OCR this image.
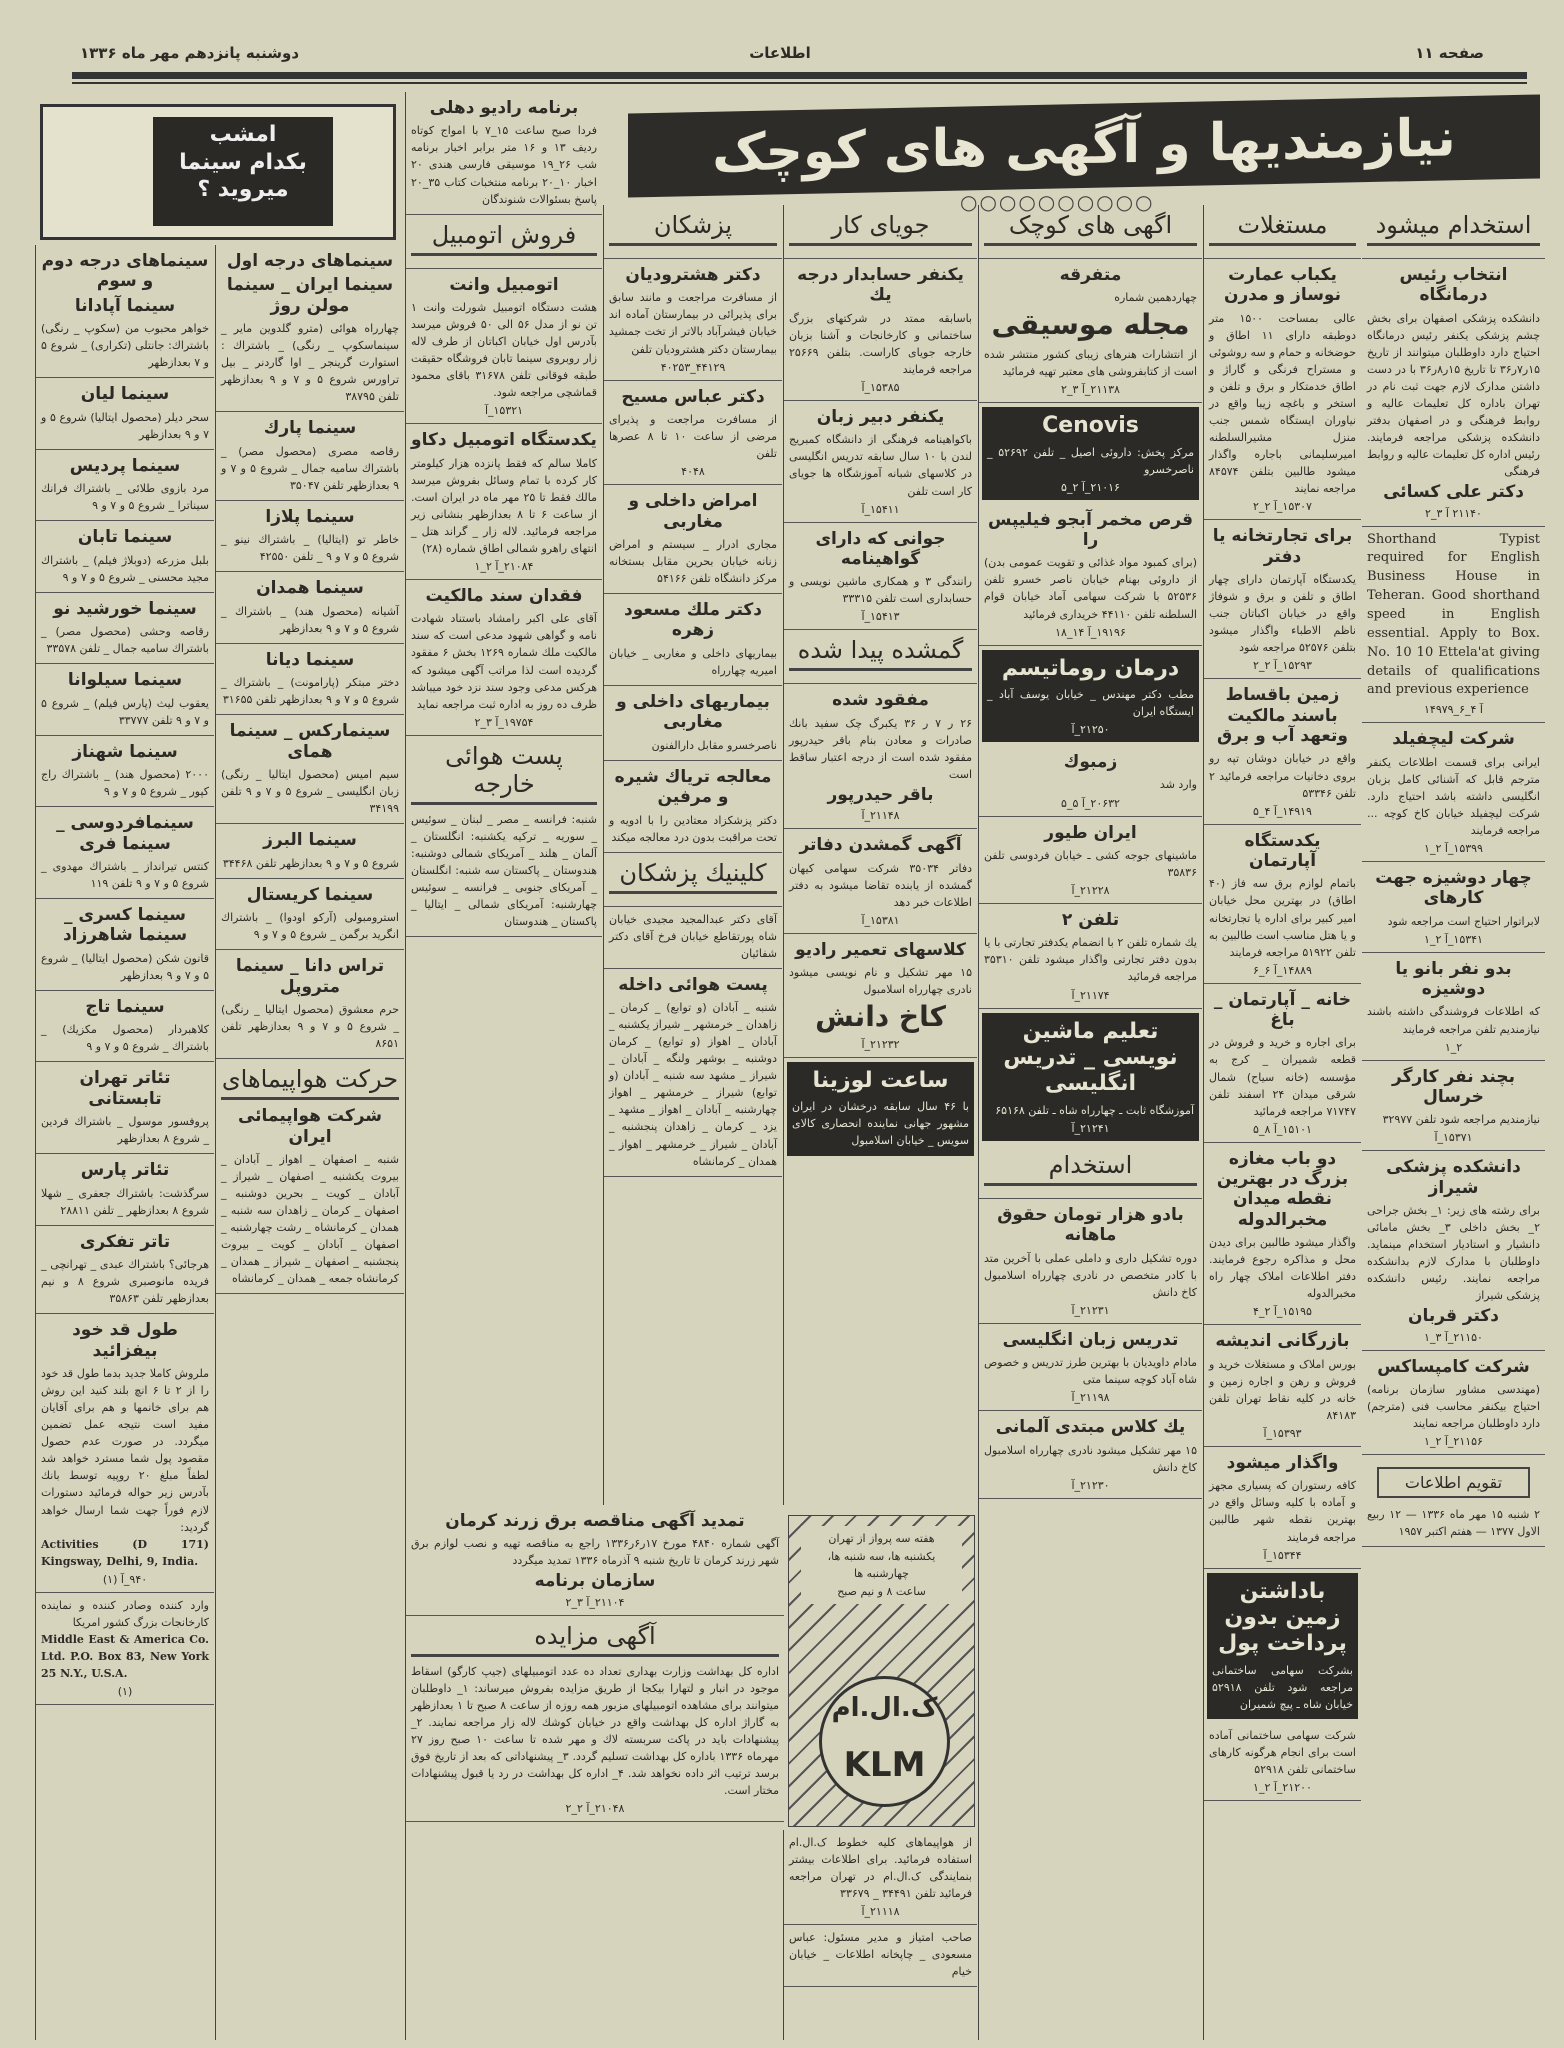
صفحه ۱۱
اطلاعات
دوشنبه پانزدهم مهر ماه ۱۳۳۶
نیازمندیها و آگهی های کوچک
○○○○○○○○○○
امشب
بکدام سینما
میروید ؟
استخدام میشود
انتخاب رئیس درمانگاه

دانشکده پزشکی اصفهان برای بخش چشم پزشکی یکنفر رئیس درمانگاه احتیاج دارد داوطلبان میتوانند از تاریخ ۱۵ر۷ر۳۶ تا تاریخ ۱۵ر۸ر۳۶ با در دست داشتن مدارک لازم جهت ثبت نام در تهران باداره کل تعلیمات عالیه و روابط فرهنگی و در اصفهان بدفتر دانشکده پزشکی مراجعه فرمایند. رئیس اداره کل تعلیمات عالیه و روابط فرهنگی

دکتر علی کسائی
۲۱۱۴۰ آ ۳_۲

Shorthand Typist required for English Business House in Teheran. Good shorthand speed in English essential. Apply to Box. No. 10 10 Ettela'at giving details of qualifications and previous experience

۱۴۹۷۹_آ ۴_۶
شرکت لیچفیلد

ایرانی برای قسمت اطلاعات یکنفر مترجم قابل که آشنائی کامل بزبان انگلیسی داشته باشد احتیاج دارد. شرکت لیچفیلد خیابان کاخ کوچه ... مراجعه فرمایند

۱۵۳۹۹_آ ۲_۱
چهار دوشیزه جهت کارهای

لابراتوار احتیاج است مراجعه شود

۱۵۳۴۱_آ ۲_۱
بدو نفر بانو یا دوشیزه

که اطلاعات فروشندگی داشته باشند نیازمندیم تلفن مراجعه فرمایند

۲_۱
بچند نفر کارگر خرسال

نیازمندیم مراجعه شود تلفن ۳۲۹۷۷

۱۵۳۷۱_آ
دانشکده پزشکی شیراز

برای رشته های زیر: ۱_ بخش جراحی ۲_ بخش داخلی ۳_ بخش مامائی دانشیار و استادیار استخدام مینماید. داوطلبان با مدارک لازم بدانشکده مراجعه نمایند. رئیس دانشکده پزشکی شیراز

دکتر قربان
۲۱۱۵۰_آ ۳_۱
شرکت کامپساکس

(مهندسی مشاور سازمان برنامه) احتیاج بیکنفر محاسب فنی (مترجم) دارد داوطلبان مراجعه نمایند

۲۱۱۵۶_آ ۲_۱
تقویم اطلاعات

۲ شنبه ۱۵ مهر ماه ۱۳۳۶ — ۱۲ ربیع الاول ۱۳۷۷ — هفتم اکتبر ۱۹۵۷

مستغلات
یکباب عمارت نوساز و مدرن

عالی بمساحت ۱۵۰۰ متر دوطبقه دارای ۱۱ اطاق و حوضخانه و حمام و سه روشوئی و مستراح فرنگی و گاراژ و اطاق خدمتکار و برق و تلفن و استخر و باغچه زیبا واقع در نیاوران ایستگاه شمس جنب منزل مشیرالسلطنه امیرسلیمانی باجاره واگذار میشود طالبین بتلفن ۸۴۵۷۴ مراجعه نمایند

۱۵۳۰۷_آ ۲_۲
برای تجارتخانه یا دفتر

یکدستگاه آپارتمان دارای چهار اطاق و تلفن و برق و شوفاژ واقع در خیابان اکباتان جنب ناظم الاطباء واگذار میشود بتلفن ۵۲۵۷۶ مراجعه شود

۱۵۲۹۳_آ ۲_۲
زمین باقساط باسند مالکیت وتعهد آب و برق

واقع در خیابان دوشان تپه رو بروی دخانیات مراجعه فرمائید ۲ تلفن ۵۳۳۴۶

۱۴۹۱۹_آ ۴_۵
یکدستگاه آپارتمان

باتمام لوازم برق سه فاز (۴۰ اطاق) در بهترین محل خیابان امیر کبیر برای اداره یا تجارتخانه و یا هتل مناسب است طالبین به تلفن ۵۱۹۲۲ مراجعه فرمایند

۱۴۸۸۹_آ ۶_۶
خانه _ آپارتمان _ باغ

برای اجاره و خرید و فروش در قطعه شمیران _ کرج به مؤسسه (خانه سیاح) شمال شرقی میدان ۲۴ اسفند تلفن ۷۱۷۴۷ مراجعه فرمائید

۱۵۱۰۱_آ ۸_۵
دو باب مغازه بزرگ در بهترین نقطه میدان مخبرالدوله

واگذار میشود طالبین برای دیدن محل و مذاکره رجوع فرمایند. دفتر اطلاعات املاک چهار راه مخبرالدوله

۱۵۱۹۵_آ ۲_۴
بازرگانی اندیشه

بورس املاک و مستغلات خرید و فروش و رهن و اجاره زمین و خانه در کلیه نقاط تهران تلفن ۸۴۱۸۳

۱۵۳۹۳_آ
واگذار میشود

کافه رستوران که پسیاری مجهز و آماده با کلیه وسائل واقع در بهترین نقطه شهر طالبین مراجعه فرمایند

۱۵۳۴۴_آ
باداشتن زمین بدون پرداخت پول

بشرکت سهامی ساختمانی مراجعه شود تلفن ۵۲۹۱۸ خیابان شاه ـ پیچ شمیران

شرکت سهامی ساختمانی آماده است برای انجام هرگونه کارهای ساختمانی تلفن ۵۲۹۱۸

۲۱۲۰۰_آ ۲_۱
اگهی های کوچک
متفرقه

چهاردهمین شماره

مجله موسیقی

از انتشارات هنرهای زیبای کشور منتشر شده است از کتابفروشی های معتبر تهیه فرمائید

۲۱۱۳۸_آ ۳_۲
Cenovis

مرکز پخش: داروئی اصیل _ تلفن ۵۲۶۹۲ _ ناصرخسرو

۲۱۰۱۶_آ ۲_۵
قرص مخمر آبجو فیلیپس را

(برای کمبود مواد غذائی و تقویت عمومی بدن) از داروئی بهنام خیابان ناصر خسرو تلفن ۵۲۵۳۶ با شرکت سهامی آماد خیابان قوام السلطنه تلفن ۴۴۱۱۰ خریداری فرمائید

۱۹۱۹۶_آ ۱۴_۱۸
درمان روماتیسم

مطب دکتر مهندس _ خیابان یوسف آباد _ ایستگاه ایران

۲۱۲۵۰_آ
زمبوك

وارد شد

۲۰۶۳۲_آ ۵_۵
ایران طیور

ماشینهای جوجه کشی ـ خیابان فردوسی تلفن ۳۵۸۳۶

۲۱۲۲۸_آ
تلفن ۲

یك شماره تلفن ۲ با انضمام یکدفتر تجارتی با یا بدون دفتر تجارتی واگذار میشود تلفن ۳۵۳۱۰ مراجعه فرمائید

۲۱۱۷۴_آ
تعلیم ماشین نویسی _ تدریس انگلیسی

آموزشگاه ثابت ـ چهارراه شاه ـ تلفن ۶۵۱۶۸

۲۱۲۴۱_آ
استخدام
بادو هزار تومان حقوق ماهانه

دوره تشکیل داری و داملی عملی با آخرین متد با کادر متخصص در نادری چهارراه اسلامبول کاخ دانش

۲۱۲۳۱_آ
تدریس زبان انگلیسی

مادام داویدیان با بهترین طرز تدریس و خصوص شاه آباد کوچه سینما متی

۲۱۱۹۸_آ
یك کلاس مبتدی آلمانی

۱۵ مهر تشکیل میشود نادری چهارراه اسلامبول کاخ دانش

۲۱۲۳۰_آ
جویای کار
یکنفر حسابدار درجه یك

باسابقه ممتد در شرکتهای بزرگ ساختمانی و کارخانجات و آشنا بزبان خارجه جویای کاراست. بتلفن ۲۵۶۶۹ مراجعه فرمایند

۱۵۳۸۵_آ
یکنفر دبیر زبان

باکواهینامه فرهنگی از دانشگاه کمبریج لندن با ۱۰ سال سابقه تدریس انگلیسی در کلاسهای شبانه آموزشگاه ها جویای کار است تلفن

۱۵۴۱۱_آ
جوانی که دارای گواهینامه

رانندگی ۳ و همکاری ماشین نویسی و حسابداری است تلفن ۳۳۳۱۵

۱۵۴۱۳_آ
گمشده پیدا شده
مفقود شده

۲۶ ر ۷ ر ۳۶ یکبرگ چک سفید بانك صادرات و معادن بنام باقر حیدرپور مفقود شده است از درجه اعتبار ساقط است

باقر حیدرپور
۲۱۱۴۸_آ
آگهی گمشدن دفاتر

دفاتر ۳۵۰۳۴ شرکت سهامی کیهان گمشده از یابنده تقاضا میشود به دفتر اطلاعات خبر دهد

۱۵۳۸۱_آ
کلاسهای تعمیر رادیو

۱۵ مهر تشکیل و نام نویسی میشود نادری چهارراه اسلامبول

کاخ دانش
۲۱۲۳۲_آ
ساعت لوزینا

با ۴۶ سال سابقه درخشان در ایران مشهور جهانی نماینده انحصاری کالای سویس _ خیابان اسلامبول

پزشکان
دکتر هشترودیان

از مسافرت مراجعت و مانند سابق برای پذیرائی در بیمارستان آماده اند خیابان فیشرآباد بالاتر از تخت جمشید بیمارستان دکتر هشترودیان تلفن

۴۴۱۲۹_۴۰۲۵۳
دکتر عباس مسیح

از مسافرت مراجعت و پذیرای مرضی از ساعت ۱۰ تا ۸ عصرها تلفن

۴۰۴۸
امراض داخلی و مغاربی

مجاری ادرار _ سیستم و امراض زنانه خیابان بحرین مقابل بستخانه مرکز دانشگاه تلفن ۵۴۱۶۶

دکتر ملك مسعود زهره

بیماریهای داخلی و مغاربی _ خیابان امیریه چهارراه

بیماریهای داخلی و مغاربی

ناصرخسرو مقابل دارالفنون

معالجه تریاك شیره و مرفین

دکتر پزشکزاد معتادین را با ادویه و تحت مراقبت بدون درد معالجه میکند

کلینیك پزشکان

آقای دکتر عبدالمجید مجیدی خیابان شاه پورتقاطع خیابان فرخ آقای دکتر شفائیان

پست هوائی داخله

شنبه _ آبادان (و توابع) _ کرمان _ زاهدان _ خرمشهر _ شیراز یکشنبه _ آبادان _ اهواز (و توابع) _ کرمان دوشنبه _ بوشهر ولنگه _ آبادان _ شیراز _ مشهد سه شنبه _ آبادان (و توابع) شیراز _ خرمشهر _ اهواز چهارشنبه _ آبادان _ اهواز _ مشهد _ یزد _ کرمان _ زاهدان پنجشنبه _ آبادان _ شیراز _ خرمشهر _ اهواز _ همدان _ کرمانشاه

برنامه رادیو دهلی

فردا صبح ساعت ۱۵_۷ با امواج کوتاه ردیف ۱۳ و ۱۶ متر برابر اخبار برنامه شب ۲۶_۱۹ موسیقی فارسی هندی ۲۰ اخبار ۱۰_۲۰ برنامه منتخبات کتاب ۳۵_۲۰ پاسخ بسئوالات شنوندگان

فروش اتومبیل
اتومبیل وانت

هشت دستگاه اتومبیل شورلت وانت ۱ تن نو از مدل ۵۶ الی ۵۰ فروش میرسد بآدرس اول خیابان اکباتان از طرف لاله زار روبروی سینما تابان فروشگاه حقیقت طبقه فوقانی تلفن ۳۱۶۷۸ باقای محمود قماشچی مراجعه شود.

۱۵۳۲۱_آ
یکدستگاه اتومبیل دکاو

کاملا سالم که فقط پانزده هزار کیلومتر کار کرده با تمام وسائل بفروش میرسد مالك فقط تا ۲۵ مهر ماه در ایران است. از ساعت ۶ تا ۸ بعدازظهر بنشانی زیر مراجعه فرمائید. لاله زار _ گراند هتل _ انتهای راهرو شمالی اطاق شماره (۲۸)

۲۱۰۸۴_آ ۲_۱
فقدان سند مالکیت

آقای علی اکبر رامشاد باستناد شهادت نامه و گواهی شهود مدعی است که سند مالکیت ملك شماره ۱۲۶۹ بخش ۶ مفقود گردیده است لذا مراتب آگهی میشود که هرکس مدعی وجود سند نزد خود میباشد ظرف ده روز به اداره ثبت مراجعه نماید

۱۹۷۵۴_آ ۳_۲
پست هوائی خارجه

شنبه: فرانسه _ مصر _ لبنان _ سوئیس _ سوریه _ ترکیه یکشنبه: انگلستان _ آلمان _ هلند _ آمریکای شمالی دوشنبه: هندوستان _ پاکستان سه شنبه: انگلستان _ آمریکای جنوبی _ فرانسه _ سوئیس چهارشنبه: آمریکای شمالی _ ایتالیا _ پاکستان _ هندوستان

سینماهای درجه اول
سینما ایران _ سینما مولن روژ

چهارراه هوائی (مترو گلدوین مایر _ سینماسکوپ _ رنگی) _ باشتراك : استوارت گرینجر _ اوا گاردنر _ بیل تراورس شروع ۵ و ۷ و ۹ بعدازظهر تلفن ۳۸۷۹۵

سینما پارك

رقاصه مصری (محصول مصر) _ باشتراك سامیه جمال _ شروع ۵ و ۷ و ۹ بعدازظهر تلفن ۳۵۰۴۷

سینما پلازا

خاطر تو (ایتالیا) _ باشتراك نینو _ شروع ۵ و ۷ و ۹ _ تلفن ۴۲۵۵۰

سینما همدان

آشیانه (محصول هند) _ باشتراك _ شروع ۵ و ۷ و ۹ بعدازظهر

سینما دیانا

دختر مبتکر (پارامونت) _ باشتراك _ شروع ۵ و ۷ و ۹ بعدازظهر تلفن ۳۱۶۵۵

سینمارکس _ سینما همای

سیم امیس (محصول ایتالیا _ رنگی) زبان انگلیسی _ شروع ۵ و ۷ و ۹ تلفن ۳۴۱۹۹

سینما البرز

شروع ۵ و ۷ و ۹ بعدازظهر تلفن ۳۴۴۶۸

سینما کریستال

استرومبولی (آرکو اودوا) _ باشتراك انگرید برگمن _ شروع ۵ و ۷ و ۹

تراس دانا _ سینما متروپل

حرم معشوق (محصول ایتالیا _ رنگی) _ شروع ۵ و ۷ و ۹ بعدازظهر تلفن ۸۶۵۱

حرکت هواپیماهای
شرکت هواپیمائی ایران

شنبه _ اصفهان _ اهواز _ آبادان _ بیروت یکشنبه _ اصفهان _ شیراز _ آبادان _ کویت _ بحرین دوشنبه _ اصفهان _ کرمان _ زاهدان سه شنبه _ همدان _ کرمانشاه _ رشت چهارشنبه _ اصفهان _ آبادان _ کویت _ بیروت پنجشنبه _ اصفهان _ شیراز _ همدان _ کرمانشاه جمعه _ همدان _ کرمانشاه

سینماهای درجه دوم و سوم
سینما آپادانا

خواهر محبوب من (سکوپ _ رنگی) باشتراك: جانتلی (تکراری) _ شروع ۵ و ۷ بعدازظهر

سینما لیان

سحر دیلر (محصول ایتالیا) شروع ۵ و ۷ و ۹ بعدازظهر

سینما پردیس

مرد بازوی طلائی _ باشتراك فرانك سیناترا _ شروع ۵ و ۷ و ۹

سینما تابان

بلبل مزرعه (دوبلاژ فیلم) _ باشتراك مجید محسنی _ شروع ۵ و ۷ و ۹

سینما خورشید نو

رقاصه وحشی (محصول مصر) _ باشتراك سامیه جمال _ تلفن ۳۳۵۷۸

سینما سیلوانا

یعقوب لیث (پارس فیلم) _ شروع ۵ و ۷ و ۹ تلفن ۳۳۷۷۷

سینما شهناز

۲۰۰۰ (محصول هند) _ باشتراك راج کپور _ شروع ۵ و ۷ و ۹

سینمافردوسی _ سینما فری

کنتس تیرانداز _ باشتراك مهدوی _ شروع ۵ و ۷ و ۹ تلفن ۱۱۹

سینما کسری _ سینما شاهرزاد

قانون شکن (محصول ایتالیا) _ شروع ۵ و ۷ و ۹ بعدازظهر

سینما تاج

کلاهبردار (محصول مکزیك) _ باشتراك _ شروع ۵ و ۷ و ۹

تئاتر تهران تابستانی

پروفسور موسول _ باشتراك فردین _ شروع ۸ بعدازظهر

تئاتر پارس

سرگذشت: باشتراك جعفری _ شهلا شروع ۸ بعدازظهر _ تلفن ۲۸۸۱۱

تاتر تفکری

هرجائی؟ باشتراك عبدی _ تهرانچی _ فریده مانوصبری شروع ۸ و نیم بعدازظهر تلفن ۳۵۸۶۳

طول قد خود بیفزائید

ملروش کاملا جدید بدما طول قد خود را از ۲ تا ۶ انچ بلند کنید این روش هم برای خانمها و هم برای آقایان مفید است نتیجه عمل تضمین میگردد. در صورت عدم حصول مقصود پول شما مسترد خواهد شد لطفاً مبلغ ۲۰ روپیه توسط بانك بآدرس زیر حواله فرمائید دستورات لازم فوراً جهت شما ارسال خواهد گردید:

Activities (D 171) Kingsway, Delhi, 9, India.

۹۴۰_آ (۱)

وارد کننده وصادر کننده و نماینده کارخانجات بزرگ کشور امریکا

Middle East & America Co. Ltd. P.O. Box 83, New York 25 N.Y., U.S.A.

(۱)
تمدید آگهی مناقصه برق زرند کرمان

آگهی شماره ۴۸۴۰ مورخ ۱۷ر۶ر۱۳۳۶ راجع به مناقصه تهیه و نصب لوازم برق شهر زرند کرمان تا تاریخ شنبه ۹ آذرماه ۱۳۳۶ تمدید میگردد

سازمان برنامه
۲۱۱۰۴_آ ۳_۲
آگهی مزایده

اداره کل بهداشت وزارت بهداری تعداد ده عدد اتومبیلهای (جیپ کارگو) اسقاط موجود در انبار و لتهارا بیکجا از طریق مزایده بفروش میرساند: ۱_ داوطلبان میتوانند برای مشاهده اتومبیلهای مزبور همه روزه از ساعت ۸ صبح تا ۱ بعدازظهر به گاراژ اداره کل بهداشت واقع در خیابان کوشك لاله زار مراجعه نمایند. ۲_ پیشنهادات باید در پاکت سربسته لاك و مهر شده تا ساعت ۱۰ صبح روز ۲۷ مهرماه ۱۳۳۶ باداره کل بهداشت تسلیم گردد. ۳_ پیشنهاداتی که بعد از تاریخ فوق برسد ترتیب اثر داده نخواهد شد. ۴_ اداره کل بهداشت در رد یا قبول پیشنهادات مختار است.

۲۱۰۴۸_آ ۲_۲
هفته سه پرواز از تهران
یکشنبه ها، سه شنبه ها، چهارشنبه ها
ساعت ۸ و نیم صبح
ک.ال.ام
KLM

از هواپیماهای کلیه خطوط ک.ال.ام استفاده فرمائید. برای اطلاعات بیشتر بنمایندگی ک.ال.ام در تهران مراجعه فرمائید تلفن ۳۴۴۹۱ _ ۳۳۶۷۹

۲۱۱۱۸_آ

صاحب امتیاز و مدیر مسئول: عباس مسعودی _ چاپخانه اطلاعات _ خیابان خیام
